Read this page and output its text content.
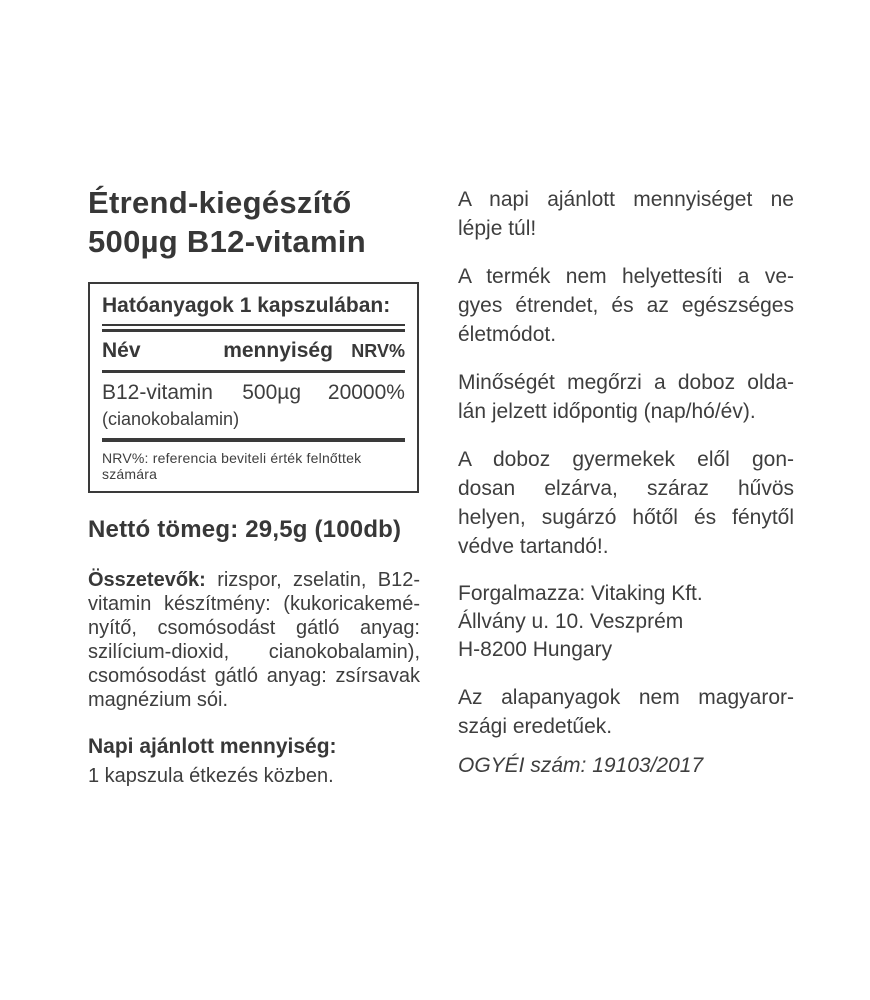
Étrend-kiegészítő
500µg B12-vitamin
Hatóanyagok 1 kapszulában:
Név	mennyiség	NRV%
B12-vitamin	500µg	20000%
(cianokobalamin)
NRV%: referencia beviteli érték felnőttek számára
Nettó tömeg: 29,5g (100db)
Összetevők: rizspor, zselatin, B12-
vitamin készítmény: (kukoricakemé-
nyítő, csomósodást gátló anyag:
szilícium-dioxid, cianokobalamin),
csomósodást gátló anyag: zsírsavak
magnézium sói.
Napi ajánlott mennyiség:
1 kapszula étkezés közben.

A napi ajánlott mennyiséget ne
lépje túl!

A termék nem helyettesíti a ve-
gyes étrendet, és az egészséges
életmódot.

Minőségét megőrzi a doboz olda-
lán jelzett időpontig (nap/hó/év).

A doboz gyermekek elől gon-
dosan elzárva, száraz hűvös
helyen, sugárzó hőtől és fénytől
védve tartandó!.

Forgalmazza: Vitaking Kft.
Állvány u. 10. Veszprém
H-8200 Hungary

Az alapanyagok nem magyaror-
szági eredetűek.

OGYÉI szám: 19103/2017
